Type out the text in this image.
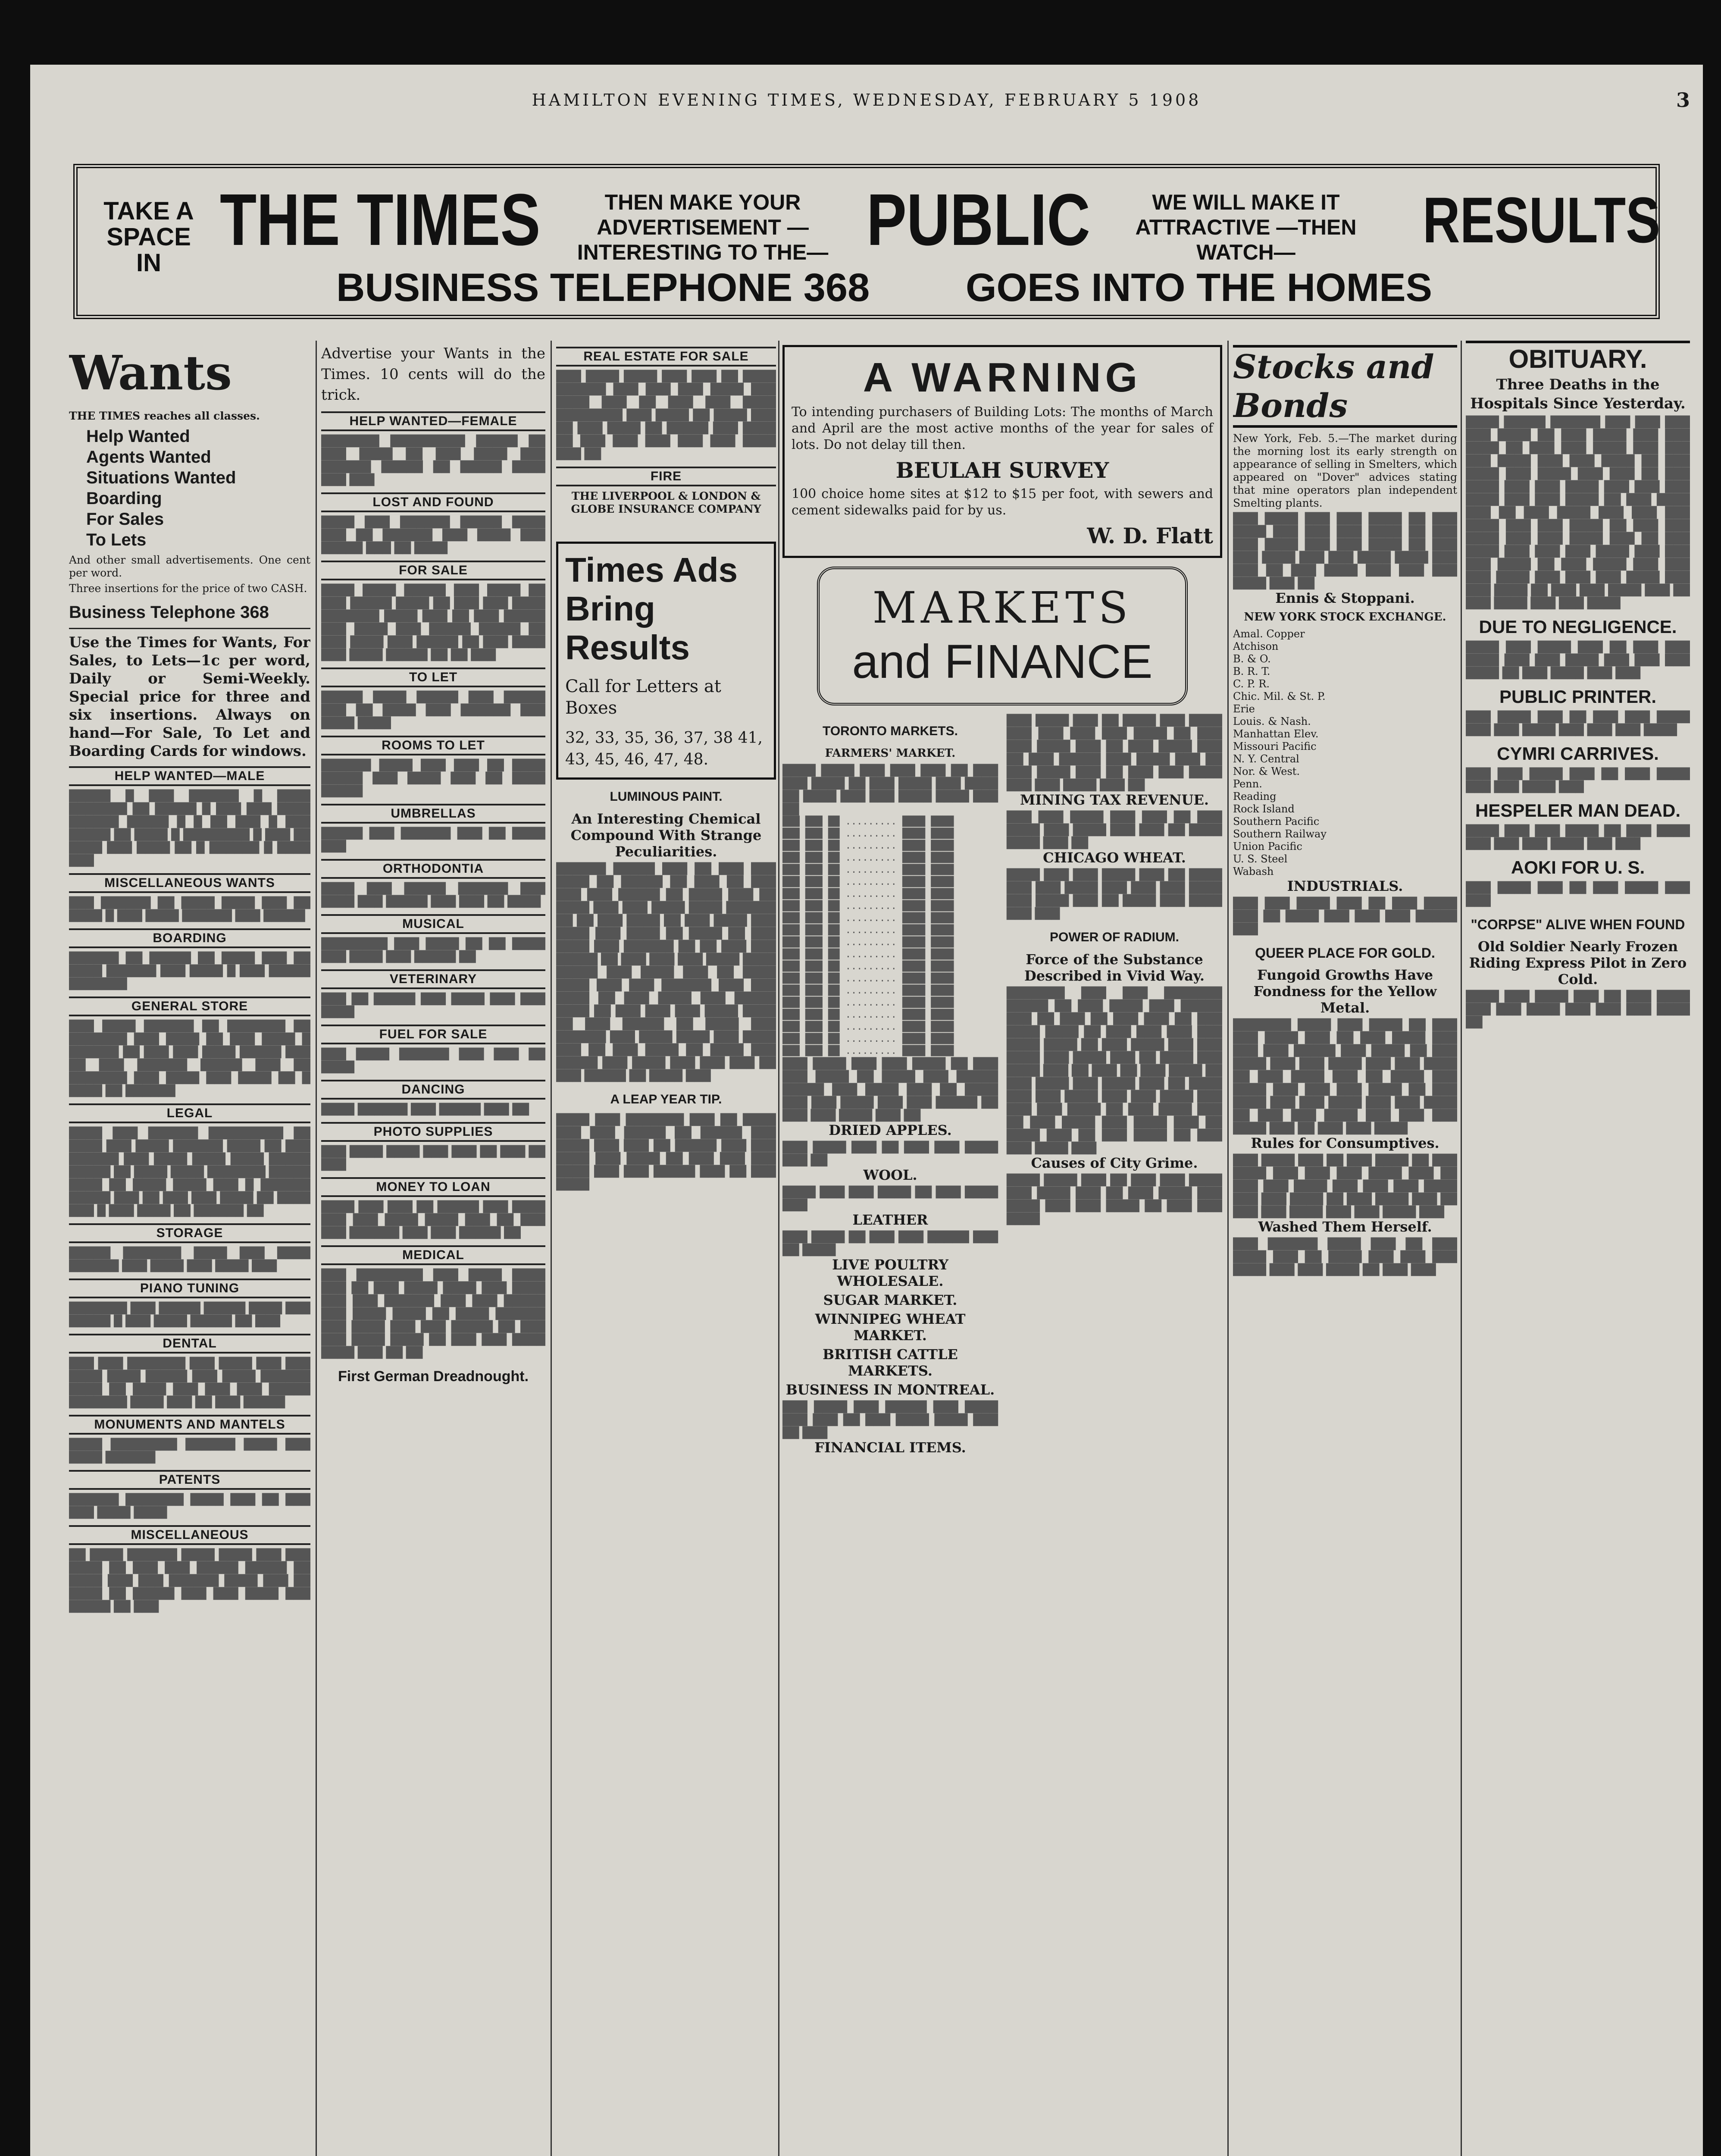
HAMILTON EVENING TIMES, WEDNESDAY, FEBRUARY 5 1908	3
TAKE A SPACE IN
THE TIMES	THEN MAKE YOUR ADVERTISEMENT —INTERESTING TO THE— PUBLIC	WE WILL MAKE IT ATTRACTIVE —THEN WATCH—	RESULTS
BUSINESS TELEPHONE 368 GOES INTO THE HOMES
Wants
THE TIMES reaches all classes.
Help Wanted
Agents Wanted
Situations Wanted
Boarding
For Sales
To Lets
And other small advertisements. One cent per word.
Three insertions for the price of two CASH.
Business Telephone 368
Use the Times for Wants, For Sales, to Lets—1c per word, Daily or Semi-Weekly. Special price for three and six insertions. Always on hand—For Sale, To Let and Boarding Cards for windows.
HELP WANTED—MALE
█████ █ ███ ██████ █ ████ ███████ ██ █████ █ ███ ███ ████ ██████ █████ █ █ ██ ███ █ ███ █████ ██ ████ █ ████████ █ ███ ██ ████ ███ ████ ██ █ ██████ █ ████ ███
MISCELLANEOUS WANTS
███ ██████ ██ ████ ████ ███ ██ ████ █ ███ ████ ██████ ███ █████
BOARDING
██████ ██ █████ ██ ████ ███ ██ ████ ██████ ███ ████ █ ███ █████ ███████
GENERAL STORE
███ ████ ██████ ██ ███████ ██ ███████ ███ ████ ██ ███ ████ █ ██████ ██ ███ ███ ████ █████ ███ ██ ███ ██████ █████ ███ ██ ███████ ███ ████ ███ ████ ██ █ ████ ██ ██████
LEGAL
████ ███ ██████ █████████ ██ ████ ███ ████ ██████ ████ ██ ███ ██████ ███ ████ ████ ████ █████ █████ ██ ████ ████ ███████ █████ ████ ██ ████ ████ ███ █ ██████ █████ ███ ██ ███ ███ ████ ██ ████ ███ █ ███ ████ ██ ██████ ██
STORAGE
█████ ███████ ████ ███ ████ ██████ ███ ████ ███ ████ ███
PIANO TUNING
███████ ███ █████ █████ ████ ███ █████ █ ███ ████ █████ ██ ███
DENTAL
███ ███ ███████ ███ ████ ███ ███ ████ ████ █████ ███ ████ ██████ ████ ██ ████ ███ ███ ███ █████ ███████ ████ ███ ██ ███ █████
MONUMENTS AND MANTELS
████ ████████ ██████ ████ ███ ████ ██████
PATENTS
██████ ███████ ████ ███ ██ ███ ███ ████ ████
MISCELLANEOUS
██ ████ ██████ ████ ████ ███ ███ ████ ██ ███ ███ █████ █████ ██ ████ ███ ███ ██████ ████ ███ ██ ████ ██ █████ ███ ███ ████ ███ █████ ██ ███
Advertise your Wants in the Times. 10 cents will do the trick.
HELP WANTED—FEMALE
███████ █████████ █████ ██ ███ ████ ██ ███ ████ ███ ██████ █████ ██ █████ ████ ███ ███
LOST AND FOUND
████ ███ ██████ █████ ████ ███ ██ ██████ ███ ████ ███ █████ ███ ██ ████
FOR SALE
████ ████ █████ ███ ████ ██ ███ █████ ████ ██ ███ ███ ████ ███████ ████ ███ ██ ███ █████ ███ ████ ███ █████ █████ ██ ███ ████ ███ █████ ██ ███ ████ ███ ████ █████ ██ ██ ███
TO LET
█████ ████ █████ ███ █████ ███ ██ ████ ███ ██████ ███ ████ ████
ROOMS TO LET
██████ ████ ███ ███ ██ ████ █████ ███ ████ ███ ██ ████ █████
UMBRELLAS
█████ ███ ██████ ███ ██ ████ ███
ORTHODONTIA
████ ███ █████ ██████ ███ ████ ███ █████ ███ ███ ██ ████
MUSICAL
████████ ███ ████ ██ ██ ████ ███ ████ ███ █████ ██
VETERINARY
███ ██ █████ ███ ████ ███ ███ ████
FUEL FOR SALE
███ ████ ██████ ███ ███ ██ ████
DANCING
████ ██████ ███ █████ ███ ██
PHOTO SUPPLIES
███ ████ ████ ███ ███ ██ ███ ██ ███
MONEY TO LOAN
████ ███ ███ ██ █████ ███ ████ ███ ███ ████ ████ ███ ██ ███ ███ ██████ ███ ███ █████ ██
MEDICAL
███ ████████ ███ ████ ████ ███ ██ ███ ████ ████ ███ ████ ███ ███ ██████ ███ ███ █████ ███ ████ ████ ██ ████ ██████ ███ ████ ███ ███ █████ ██ ███ ███ ████ ████ ██ ███ ███ ████ ████ ███ ██ ██
First German Dreadnought.
REAL ESTATE FOR SALE
███ ████ ████ ███ ███ ██ ████ ██████ ███ ███ ███ ████ ███ ████ ███ ██ ███ ███ ████ ████████ ███ ████ ██ ████ ███ ██ ███ ████ ██ █████ ███ ████ ██ ███ ███ ███ ███ ███ ████ ███ ██
FIRE
THE LIVERPOOL & LONDON & GLOBE INSURANCE COMPANY
Times Ads Bring Results
Call for Letters at Boxes
32, 33, 35, 36, 37, 38 41, 43, 45, 46, 47, 48.
LUMINOUS PAINT.
An Interesting Chemical Compound With Strange Peculiarities.
██████ █████ ███ ██ ███ ███ ████ ██ █████ ██ ███ ██ ███ ███ ███ █████ ██ ████ ███ ██ ████ ███ ███ ████ ████ ██████ ██ ██ ███ ████ ██ ███ ████ ███ ████ ███ ████ ██ ████ ██ ███ ████ ███ ██████ ██ ██ ███ ███ █████ ██ ███ ███ ███ ████ ████ █████ ███ ████ ███ ██ ████ ████ ███ ███ ██████ ███ ███ ████ ██ ███ ████ ███ █████ ████ ██ ███ ███ ███ ████ ████ ██ ███ █████ ██ ████ ███ ██████ ███ ████ ████ ███ ████ ███ ██ ███ ████ ██ ████ ███ █████ ███ ████ ███ ███ ███ ██ ███ █████ ██ ████ ███
A LEAP YEAR TIP.
████ ███ ███████ ███ ██ ████ ███ ███ █████ ██ █████ ███ ████ ███ ███ ██ █████ ███ ███ ████ ███ ████ ██ ███ ███ ███ ████ ███ ███ █████ ███ ██ ███ ████
A WARNING
To intending purchasers of Building Lots: The months of March and April are the most active months of the year for sales of lots. Do not delay till then.
BEULAH SURVEY
100 choice home sites at $12 to $15 per foot, with sewers and cement sidewalks paid for by us.
W. D. Flatt
MARKETS
and FINANCE
TORONTO MARKETS.
FARMERS' MARKET.
████ ████ ███ ███ ███ ██ ███ ███ ████ ██ ███ ████ ███ ████ ██ ████ ███ ███ ████ ████ ███ ██
███ ███ ██ ......... ████ ████
███ ███ ██ ......... ████ ████
███ ███ ██ ......... ████ ████
███ ███ ██ ......... ████ ████
███ ███ ██ ......... ████ ████
███ ███ ██ ......... ████ ████
███ ███ ██ ......... ████ ████
███ ███ ██ ......... ████ ████
███ ███ ██ ......... ████ ████
███ ███ ██ ......... ████ ████
███ ███ ██ ......... ████ ████
███ ███ ██ ......... ████ ████
███ ███ ██ ......... ████ ████
███ ███ ██ ......... ████ ████
███ ███ ██ ......... ████ ████
███ ███ ██ ......... ████ ████
███ ███ ██ ......... ████ ████
███ ███ ██ ......... ████ ████
███ ███ ██ ......... ████ ████
███ ███ ██ ......... ████ ████
███ ████ ███ ███ ████ ██ ███ ███ ████ ██ ████ ███ █████ █████ ███ ████ ███ ██ ████ ███ ███ ████ ███ ███ █████ ██ ███ ███ ████ ███ ██
DRIED APPLES.
███ ████ ███ ██ ███ ███ ████ ███ ██
WOOL.
████ ███ ███ ████ ██ ███ ████ ███
LEATHER
███ ████ ██ ███ ███ █████ ███ ██ ████
LIVE POULTRY WHOLESALE.
SUGAR MARKET.
WINNIPEG WHEAT MARKET.
BRITISH CATTLE MARKETS.
BUSINESS IN MONTREAL.
███ ████ ███ █████ ███ ████ ███ ███ ██ ███ ████ ████ ███ ██ ███
FINANCIAL ITEMS.
███ ████ ███ ██ ████ ███ ████ ███ ███ ███ ███ ████ ██ ███ ███ ████ ███ ██ ███ ████ ███ ██ ███ █████ ███ ████ ███ ██ ███ ████ ███ ██ ███ ███ ████ ███ ███ ████ ███ ██
MINING TAX REVENUE.
███ ███ ████ ███ ███ ██ ███ ████ ███ ████ ███ ███ ██ ████ ████ ███ ██
CHICAGO WHEAT.
████ ███ ███ ████ ███ ██ ████ ███ ███ ████ ███ ███ ███ ████ ███ ████ ███ ██ ████ ███ ████ ███ ███
POWER OF RADIUM.
Force of the Substance Described in Vivid Way.
███████ ███ ███ ███████ █████ ██ ███ ████ ███ █████ ███ ██ ███ ██ ███ ███ ██ ███ ████ ████ ██ ███ ███ ███ ███ ████ ████ ██ ███ ████ ███ ███ ████ ███ ████ ███ ██ ████ ███ ████ ███ ██ ███ ██ ███ ████ ██ ███ ████ ███ ████ ███ ██ ████ ███ ███ ████ ███ ███ ████ ███ ███ ███ ████ ██ ███ ████ ███ ██ ███ ████ ███ ████ ███ ██ ████ ███ ██ ███ ████ ██ ███ ███ ████ ███
Causes of City Grime.
████ ████ ███ ██ ███ ███ ████ ███ ████ ███ ██ ███ ████ ███ ████ ███ ███ ████ ██ ███ ███ ████
Stocks and Bonds
New York, Feb. 5.—The market during the morning lost its early strength on appearance of selling in Smelters, which appeared on "Dover" advices stating that mine operators plan independent Smelting plants.
███ ████ ███ ███ ████ ██ ███ ████ ███ ███ ███ ████ ██ ███ ███ ████ ███ ███ ████ ██ ███ ███ ████ ███ ███ ████ ████ ███ ███ ██ ███ ████ ███ ███ ███ ████ ███ ██
Ennis & Stoppani.
NEW YORK STOCK EXCHANGE.
Amal. Copper
Atchison
B. & O.
B. R. T.
C. P. R.
Chic. Mil. & St. P.
Erie
Louis. & Nash.
Manhattan Elev.
Missouri Pacific
N. Y. Central
Nor. & West.
Penn.
Reading
Rock Island
Southern Pacific
Southern Railway
Union Pacific
U. S. Steel
Wabash
INDUSTRIALS.
███ ███ ████ ███ ██ ███ ████ ███ ██ ████ ███ ███ ███ █████ ███
QUEER PLACE FOR GOLD.
Fungoid Growths Have Fondness for the Yellow Metal.
███████ ████ ███ ████ ██ ███ ███ ████ ███ ██ ███ ████ ███ ███ ███ █████ ███ ████ ██ ███ ████ ███ ███ ████ ███ ███ ████ ██ ███ ████ ███ ██ ████ ███ ████ ███ ███ ███ ████ ██ ███ ████ ███ ███ ████ ███ ███ ████ ██ ███ ███ ████ ███ ███ ███ ████ ███ ██ ███ ███ ████
Rules for Consumptives.
███ ████ ███ ██ ███ ████ ██ ███ ████ ███ ███ ███ ████ ███ ██ ███ ███ ████ ███ ███ ███ ████ ███ ███ ████ ██ ███ ████ ███ ██ ███ ███ ████ ███ ███ ████ ███
Washed Them Herself.
███ ██████ ████ ███ ██ ███ ████ ███ ██ ████ ███ ███ ███ ████ ███ ███ ████ ██ ███ ███
OBITUARY.
Three Deaths in the Hospitals Since Yesterday.
████ █████ ██████ ███ ███ ███ ███ ████ ██ ███ ████ ███ ███ ████ ██ ███ ███ ████ ███ ███ ███ ████ ███ ███ ████ ██ ███ ████ ███ ████ ███ ███ ██ ███ ████ ███ ███ ████ ███ ███ ███ ████ ███ ███ ████ ██ ███ ████ ███ ██ ███ ████ ███ ███ ███ ████ ███ ███ ████ ██ ███ ███ ████ ███ ███ ████ ███ ██ ███ ████ ███ ███ ███ ████ ███ ███ ███ ████ ██ ███ ████ ███ ███ ███ ████ ███ ███ ███ ████ ███ ███ ████ ██ ███ ███ ████ ███ ██ ███ ████ ███ ███ ████
DUE TO NEGLIGENCE.
████ ███ ████ ███ ██ ███ ███ ████ ███ ███ ████ ███ ███ ███ ████ ██ ███ ████ ███ ███
PUBLIC PRINTER.
███ ████ ███ ██ ███ ███ ████ ███ ███ ████ ███ ███ ███ ████
CYMRI CARRIVES.
███ ███ ████ ███ ██ ███ ████ ███ ███ ████ ███
HESPELER MAN DEAD.
████ ███ ███ ████ ██ ███ ████ ███ ███ ███ ████ ███ ███
AOKI FOR U. S.
███ ████ ███ ██ ███ ████ ███ ███
"CORPSE" ALIVE WHEN FOUND
Old Soldier Nearly Frozen Riding Express Pilot in Zero Cold.
████ ███ ████ ███ ██ ███ ████ ███ ███ ████ ███ ███ ███ ████ ██
